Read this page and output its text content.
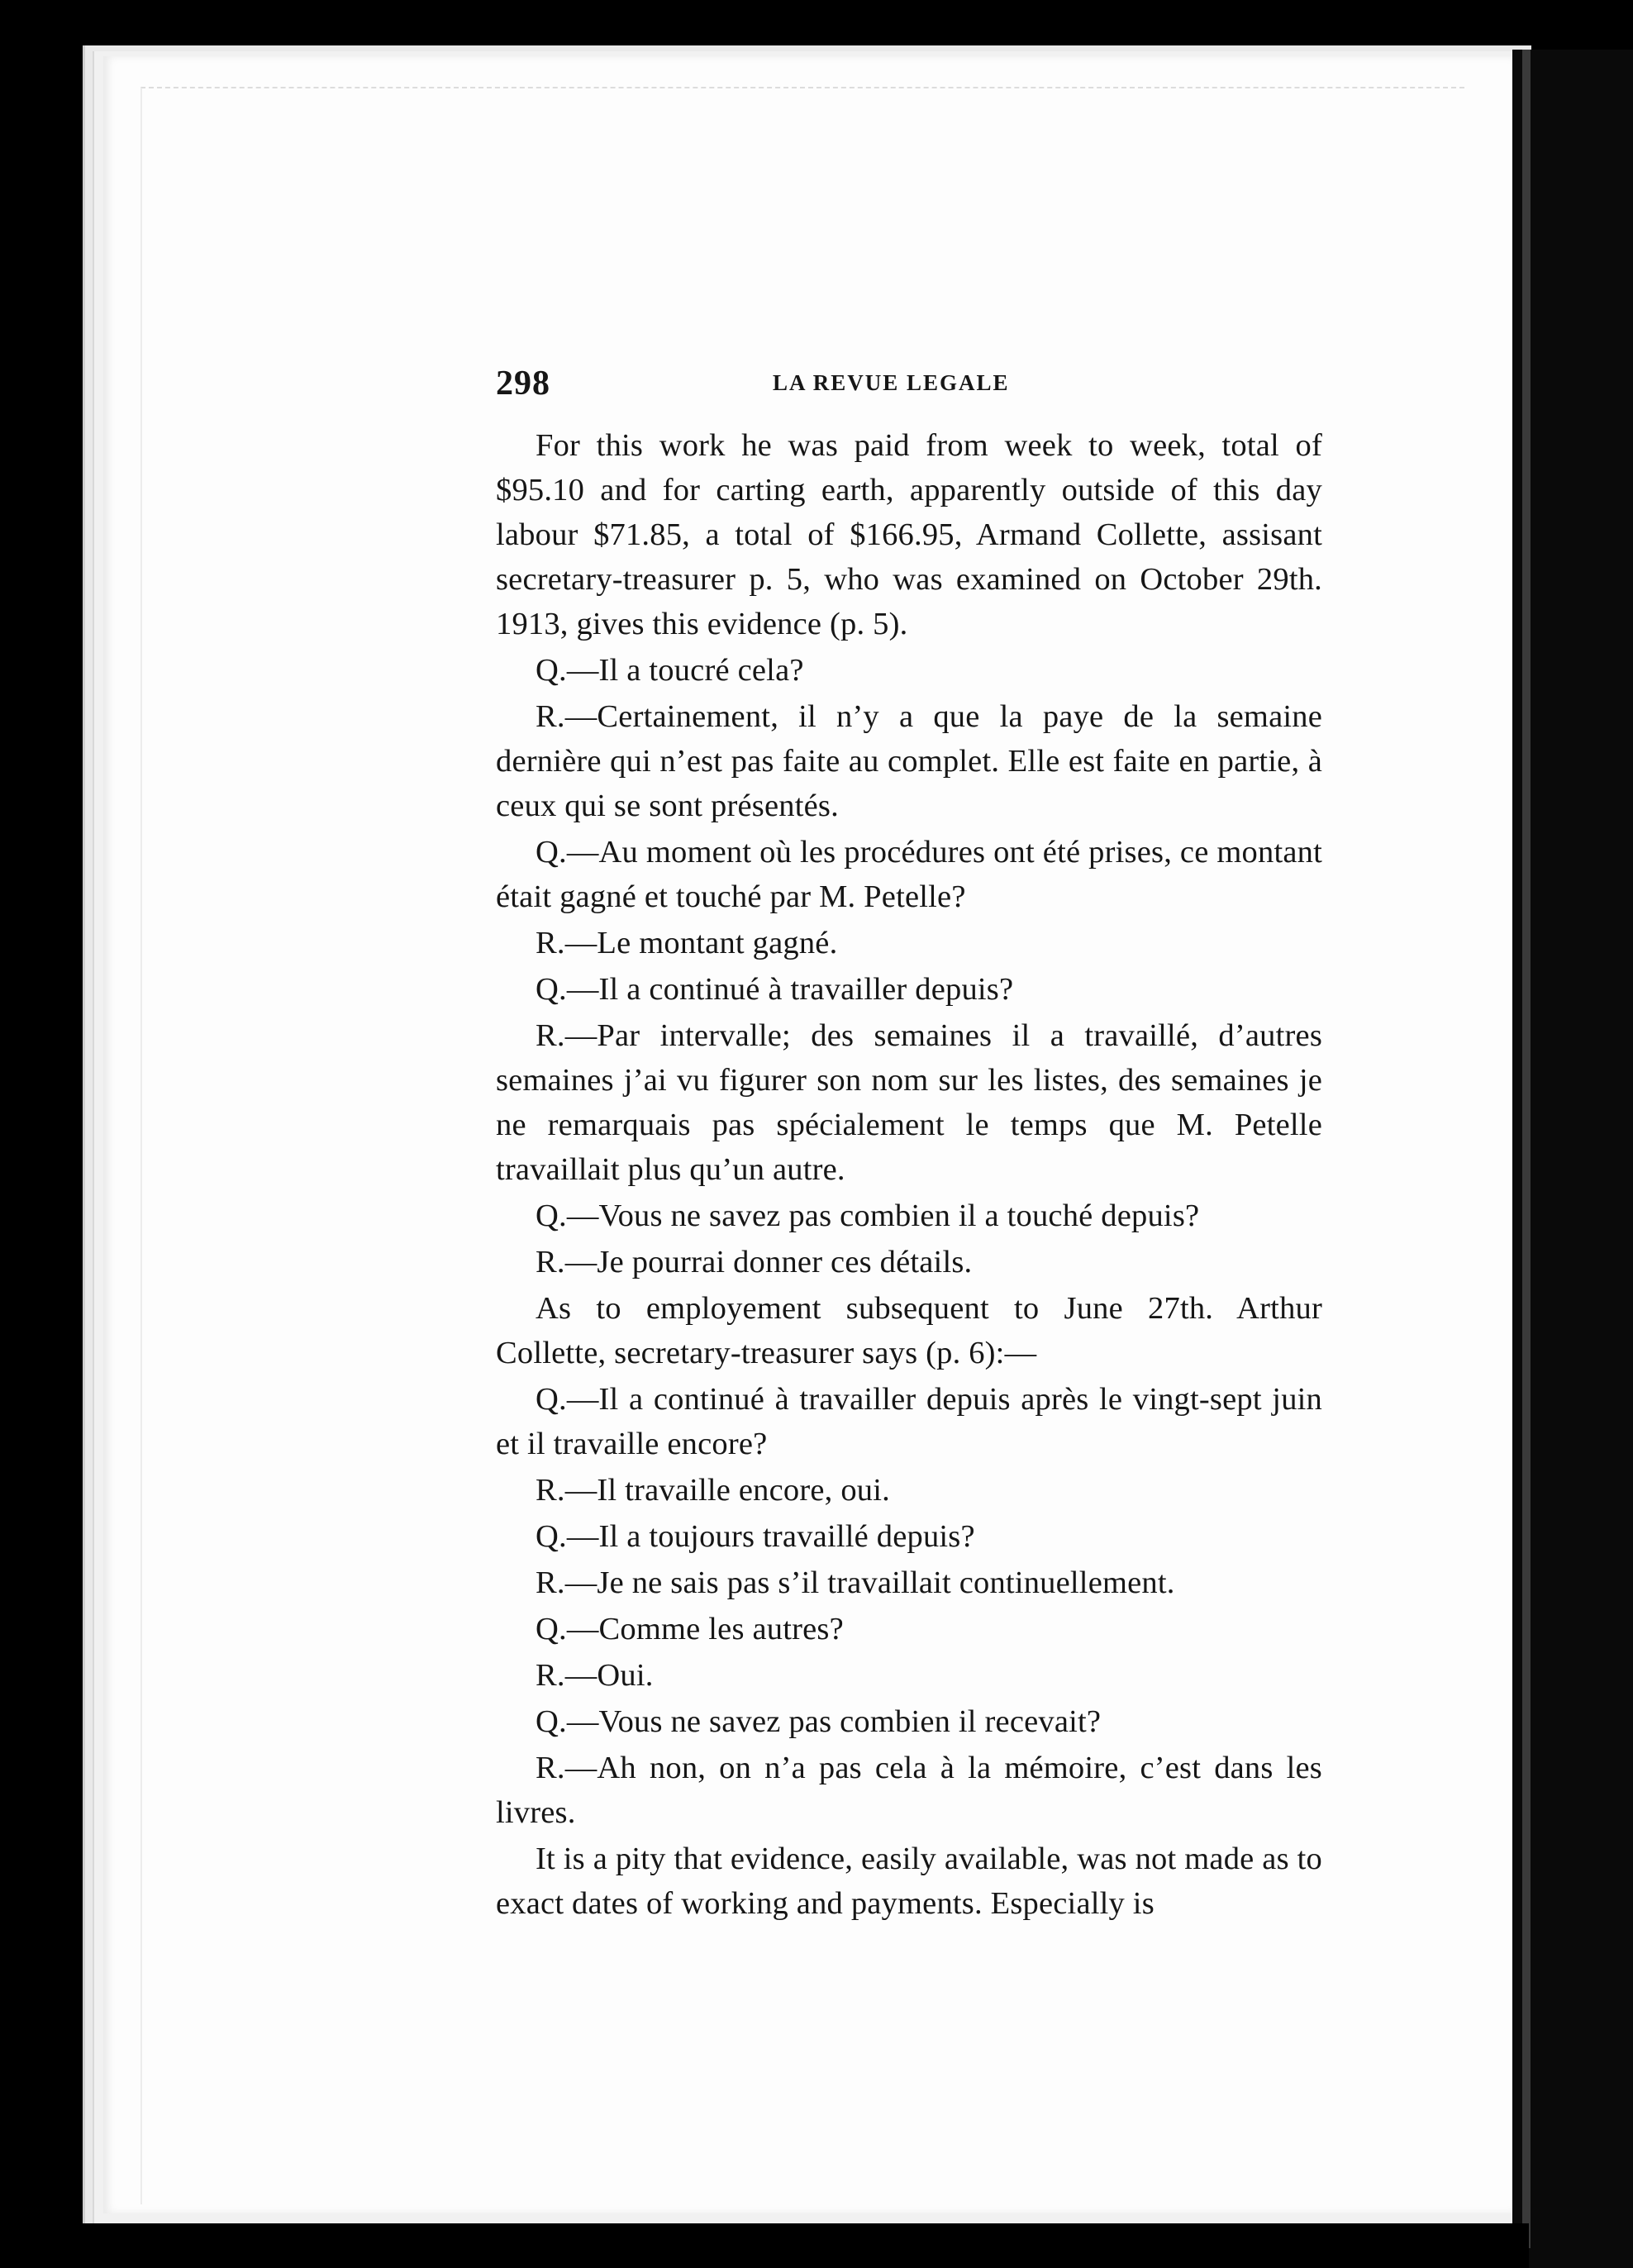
298	LA REVUE LEGALE

For this work he was paid from week to week, total of $95.10 and for carting earth, apparently outside of this day labour $71.85, a total of $166.95, Armand Collette, assisant secretary-treasurer p. 5, who was examined on October 29th. 1913, gives this evidence (p. 5).

Q.—Il a toucré cela?

R.—Certainement, il n’y a que la paye de la semaine dernière qui n’est pas faite au complet. Elle est faite en partie, à ceux qui se sont présentés.

Q.—Au moment où les procédures ont été prises, ce montant était gagné et touché par M. Petelle?

R.—Le montant gagné.

Q.—Il a continué à travailler depuis?

R.—Par intervalle; des semaines il a travaillé, d’autres semaines j’ai vu figurer son nom sur les listes, des semaines je ne remarquais pas spécialement le temps que M. Petelle travaillait plus qu’un autre.

Q.—Vous ne savez pas combien il a touché depuis?

R.—Je pourrai donner ces détails.

As to employement subsequent to June 27th. Arthur Collette, secretary-treasurer says (p. 6):—

Q.—Il a continué à travailler depuis après le vingt-sept juin et il travaille encore?

R.—Il travaille encore, oui.

Q.—Il a toujours travaillé depuis?

R.—Je ne sais pas s’il travaillait continuellement.

Q.—Comme les autres?

R.—Oui.

Q.—Vous ne savez pas combien il recevait?

R.—Ah non, on n’a pas cela à la mémoire, c’est dans les livres.

It is a pity that evidence, easily available, was not made as to exact dates of working and payments. Especially is
